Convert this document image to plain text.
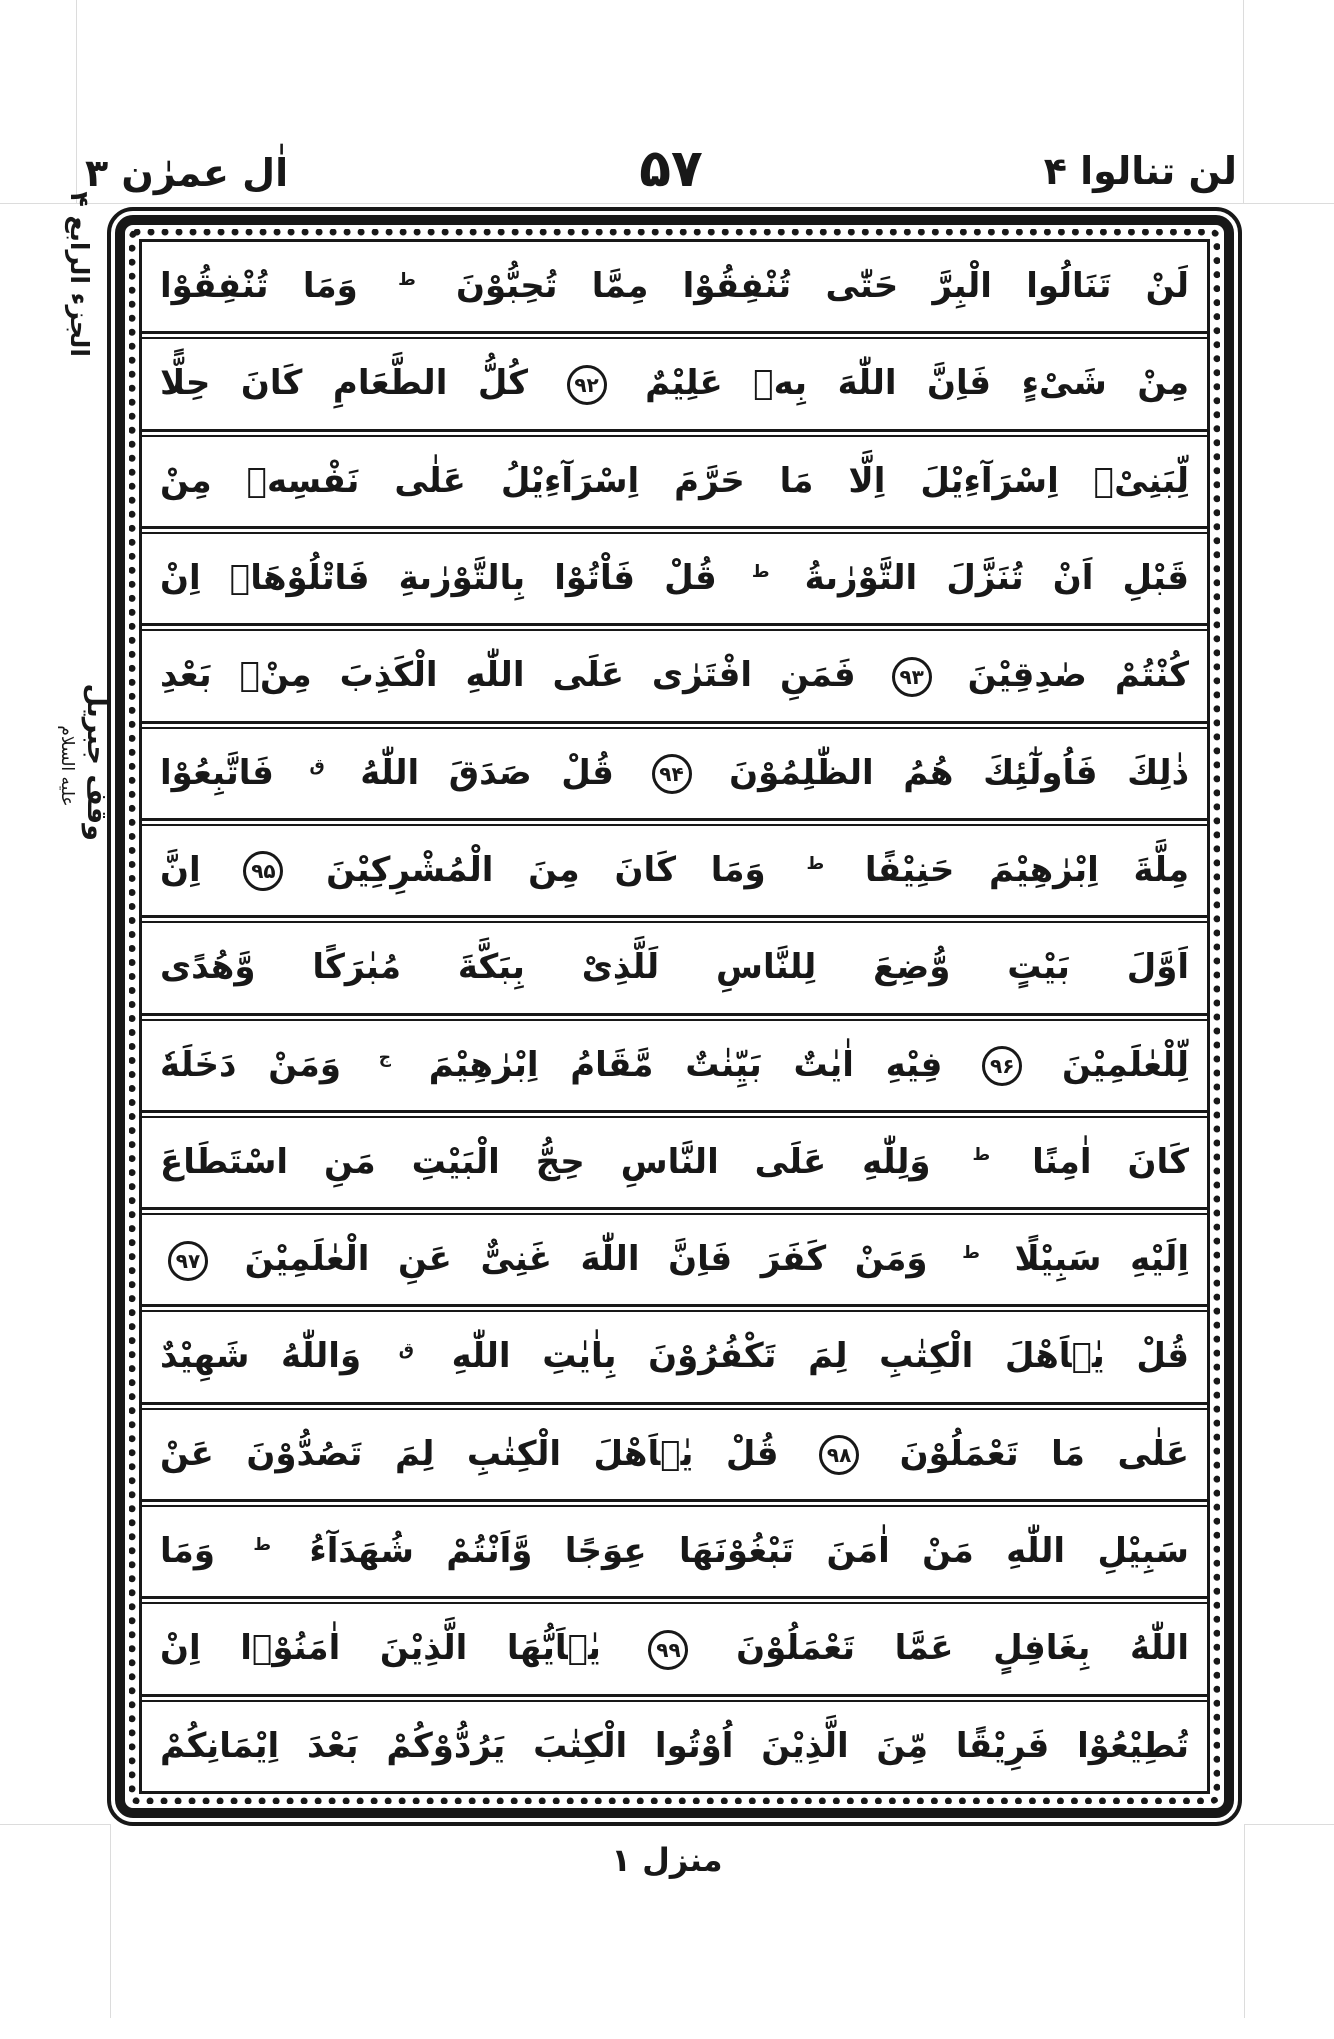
لن تنالوا ۴
۵۷
اٰل عمرٰن ۳
الجزء الرابع ۴
وقف جبريل
عليه السلام
لَنْ تَنَالُوا الْبِرَّ حَتّٰى تُنْفِقُوْا مِمَّا تُحِبُّوْنَ ط وَمَا تُنْفِقُوْا
مِنْ شَیْءٍ فَاِنَّ اللّٰهَ بِهٖ عَلِیْمٌ ۹۲ كُلُّ الطَّعَامِ كَانَ حِلًّا
لِّبَنِیْۤ اِسْرَآءِیْلَ اِلَّا مَا حَرَّمَ اِسْرَآءِیْلُ عَلٰى نَفْسِهٖ مِنْ
قَبْلِ اَنْ تُنَزَّلَ التَّوْرٰىةُ ط قُلْ فَاْتُوْا بِالتَّوْرٰىةِ فَاتْلُوْهَاۤ اِنْ
كُنْتُمْ صٰدِقِیْنَ ۹۳ فَمَنِ افْتَرٰى عَلَى اللّٰهِ الْكَذِبَ مِنْۢ بَعْدِ
ذٰلِكَ فَاُولٰٓئِكَ هُمُ الظّٰلِمُوْنَ ۹۴ قُلْ صَدَقَ اللّٰهُ ق فَاتَّبِعُوْا
مِلَّةَ اِبْرٰهِیْمَ حَنِیْفًا ط وَمَا كَانَ مِنَ الْمُشْرِكِیْنَ ۹۵ اِنَّ
اَوَّلَ بَیْتٍ وُّضِعَ لِلنَّاسِ لَلَّذِیْ بِبَكَّةَ مُبٰرَكًا وَّهُدًى
لِّلْعٰلَمِیْنَ ۹۶ فِیْهِ اٰیٰتٌ بَیِّنٰتٌ مَّقَامُ اِبْرٰهِیْمَ ج وَمَنْ دَخَلَهٗ
كَانَ اٰمِنًا ط وَلِلّٰهِ عَلَى النَّاسِ حِجُّ الْبَیْتِ مَنِ اسْتَطَاعَ
اِلَیْهِ سَبِیْلًا ط وَمَنْ كَفَرَ فَاِنَّ اللّٰهَ غَنِیٌّ عَنِ الْعٰلَمِیْنَ ۹۷
قُلْ یٰۤاَهْلَ الْكِتٰبِ لِمَ تَكْفُرُوْنَ بِاٰیٰتِ اللّٰهِ ق وَاللّٰهُ شَهِیْدٌ
عَلٰى مَا تَعْمَلُوْنَ ۹۸ قُلْ یٰۤاَهْلَ الْكِتٰبِ لِمَ تَصُدُّوْنَ عَنْ
سَبِیْلِ اللّٰهِ مَنْ اٰمَنَ تَبْغُوْنَهَا عِوَجًا وَّاَنْتُمْ شُهَدَآءُ ط وَمَا
اللّٰهُ بِغَافِلٍ عَمَّا تَعْمَلُوْنَ ۹۹ یٰۤاَیُّهَا الَّذِیْنَ اٰمَنُوْۤا اِنْ
تُطِیْعُوْا فَرِیْقًا مِّنَ الَّذِیْنَ اُوْتُوا الْكِتٰبَ یَرُدُّوْكُمْ بَعْدَ اِیْمَانِكُمْ
منزل ۱
